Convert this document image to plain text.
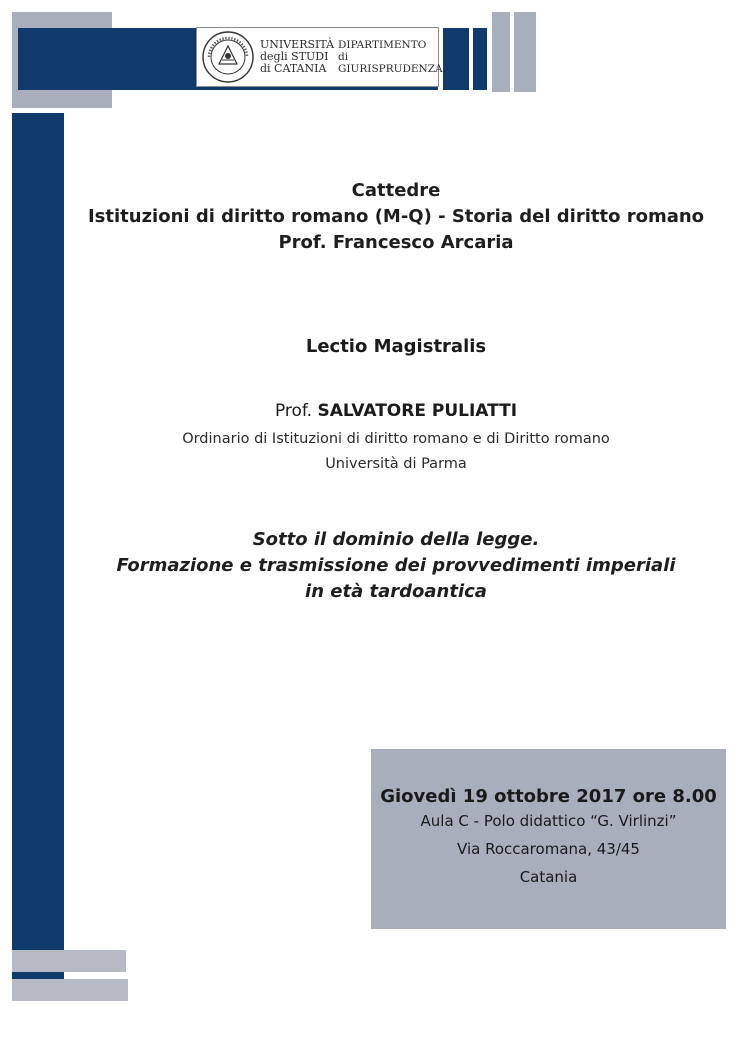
UNIVERSITÀ
degli STUDI
di CATANIA
DIPARTIMENTO
di GIURISPRUDENZA
Cattedre
Istituzioni di diritto romano (M-Q) - Storia del diritto romano
Prof. Francesco Arcaria
Lectio Magistralis
Prof. SALVATORE PULIATTI
Ordinario di Istituzioni di diritto romano e di Diritto romano
Università di Parma
Sotto il dominio della legge.
Formazione e trasmissione dei provvedimenti imperiali
in età tardoantica
Giovedì 19 ottobre 2017 ore 8.00
Aula C - Polo didattico “G. Virlinzi”
Via Roccaromana, 43/45
Catania
